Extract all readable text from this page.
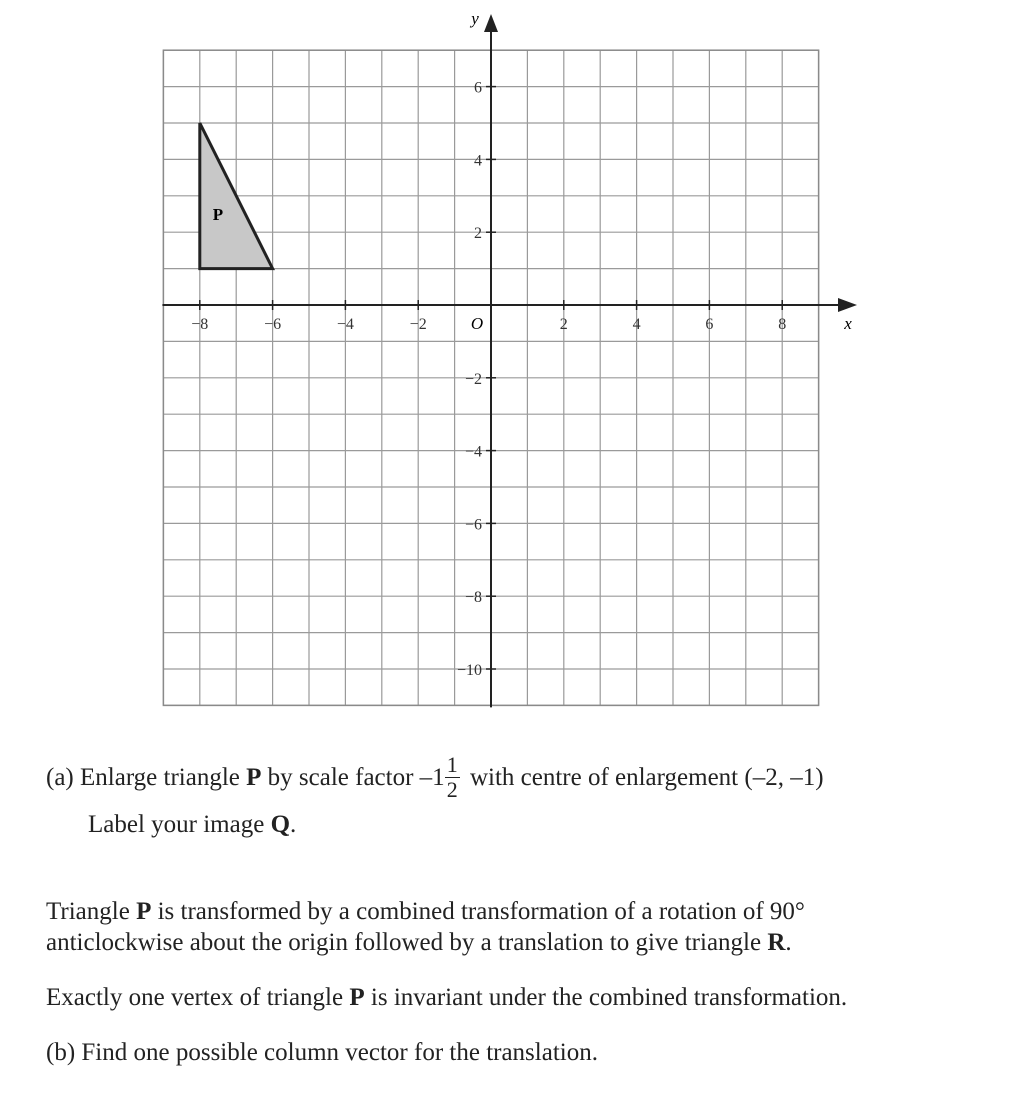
P
−8	−6	−4	−2	2	4	6	8
6
4
2
−2
−4
−6
−8
−10
x
y
O
(a) Enlarge triangle P by scale factor $-1 \frac{1}{2}$ with centre of enlargement (–2, –1)
Label your image Q.
Triangle P is transformed by a combined transformation of a rotation of 90°
anticlockwise about the origin followed by a translation to give triangle R.
Exactly one vertex of triangle P is invariant under the combined transformation.
(b) Find one possible column vector for the translation.
